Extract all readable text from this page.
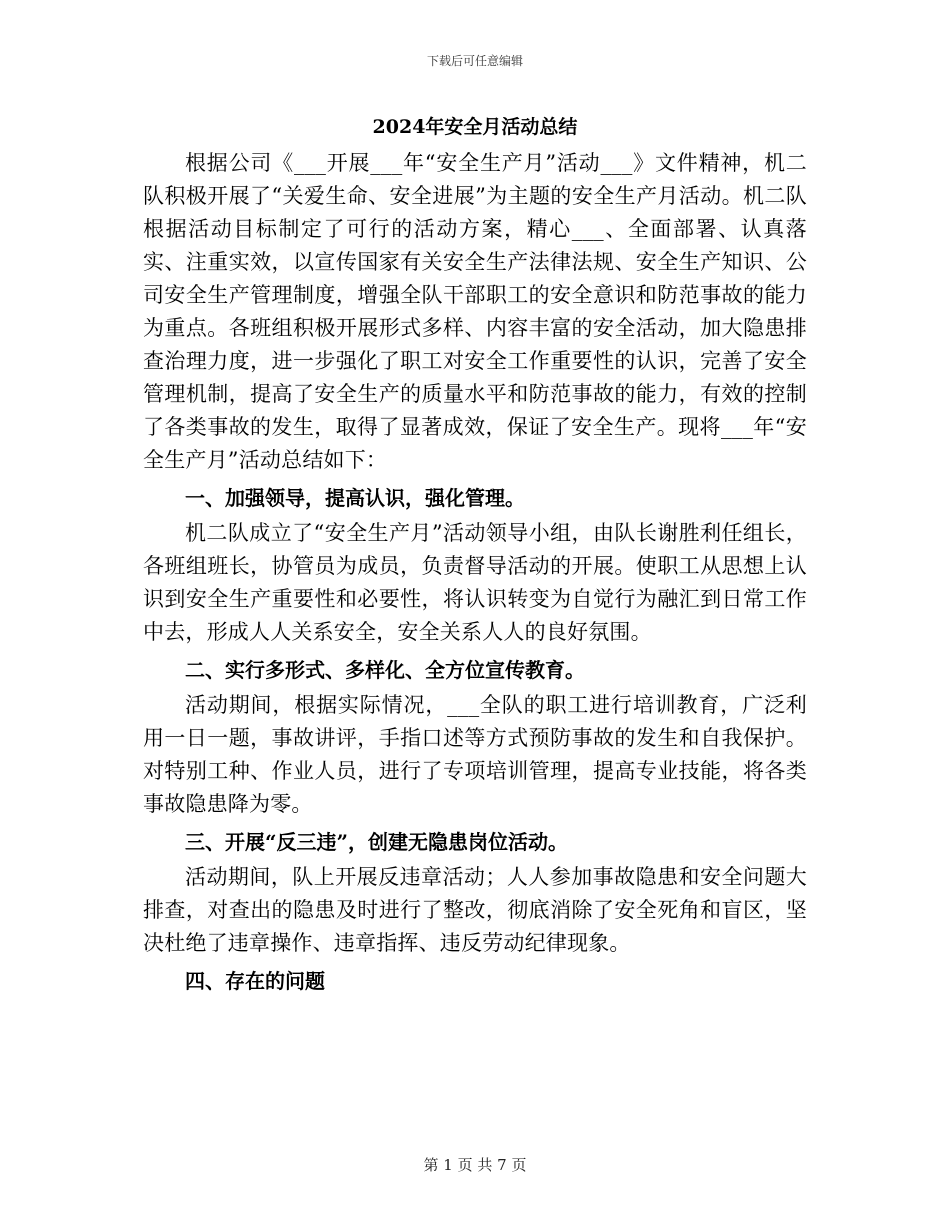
下载后可任意编辑
2024年安全月活动总结

根据公司《___开展___年“安全生产月”活动___》文件精神，机二队积极开展了“关爱生命、安全进展”为主题的安全生产月活动。机二队根据活动目标制定了可行的活动方案，精心___、全面部署、认真落实、注重实效，以宣传国家有关安全生产法律法规、安全生产知识、公司安全生产管理制度，增强全队干部职工的安全意识和防范事故的能力为重点。各班组积极开展形式多样、内容丰富的安全活动，加大隐患排查治理力度，进一步强化了职工对安全工作重要性的认识，完善了安全管理机制，提高了安全生产的质量水平和防范事故的能力，有效的控制了各类事故的发生，取得了显著成效，保证了安全生产。现将___年“安全生产月”活动总结如下：

一、加强领导，提高认识，强化管理。

机二队成立了“安全生产月”活动领导小组，由队长谢胜利任组长，各班组班长，协管员为成员，负责督导活动的开展。使职工从思想上认识到安全生产重要性和必要性，将认识转变为自觉行为融汇到日常工作中去，形成人人关系安全，安全关系人人的良好氛围。

二、实行多形式、多样化、全方位宣传教育。

活动期间，根据实际情况，___全队的职工进行培训教育，广泛利用一日一题，事故讲评，手指口述等方式预防事故的发生和自我保护。对特别工种、作业人员，进行了专项培训管理，提高专业技能，将各类事故隐患降为零。

三、开展“反三违”，创建无隐患岗位活动。

活动期间，队上开展反违章活动；人人参加事故隐患和安全问题大排查，对查出的隐患及时进行了整改，彻底消除了安全死角和盲区，坚决杜绝了违章操作、违章指挥、违反劳动纪律现象。

四、存在的问题

第 1 页 共 7 页
